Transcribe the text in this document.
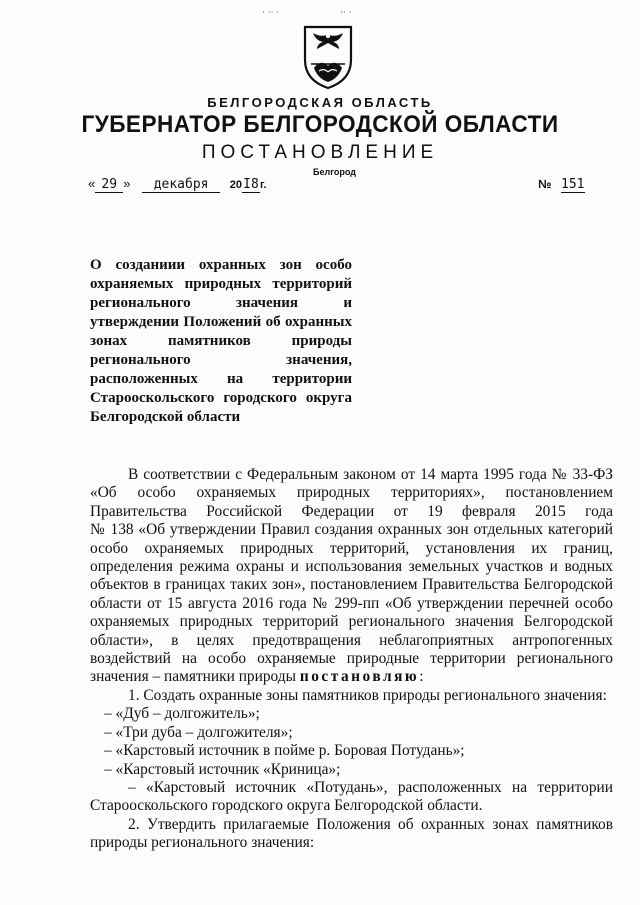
· ·· ·	·· ·
БЕЛГОРОДСКАЯ ОБЛАСТЬ
ГУБЕРНАТОР БЕЛГОРОДСКОЙ ОБЛАСТИ
ПОСТАНОВЛЕНИЕ
Белгород
« 29 » декабря 20I8г.	№ 151
О созданиии охранных зон особо
охраняемых природных территорий
регионального значения и
утверждении Положений об охранных
зонах памятников природы
регионального значения,
расположенных на территории
Старооскольского городского округа
Белгородской области
В соответствии с Федеральным законом от 14 марта 1995 года № 33-ФЗ
«Об особо охраняемых природных территориях», постановлением
Правительства Российской Федерации от 19 февраля 2015 года
№ 138 «Об утверждении Правил создания охранных зон отдельных категорий
особо охраняемых природных территорий, установления их границ,
определения режима охраны и использования земельных участков и водных
объектов в границах таких зон», постановлением Правительства Белгородской
области от 15 августа 2016 года № 299-пп «Об утверждении перечней особо
охраняемых природных территорий регионального значения Белгородской
области», в целях предотвращения неблагоприятных антропогенных
воздействий на особо охраняемые природные территории регионального
значения – памятники природы постановляю:
1. Создать охранные зоны памятников природы регионального значения:
– «Дуб – долгожитель»;
– «Три дуба – долгожителя»;
– «Карстовый источник в пойме р. Боровая Потудань»;
– «Карстовый источник «Криница»;
– «Карстовый источник «Потудань», расположенных на территории
Старооскольского городского округа Белгородской области.
2. Утвердить прилагаемые Положения об охранных зонах памятников
природы регионального значения:
